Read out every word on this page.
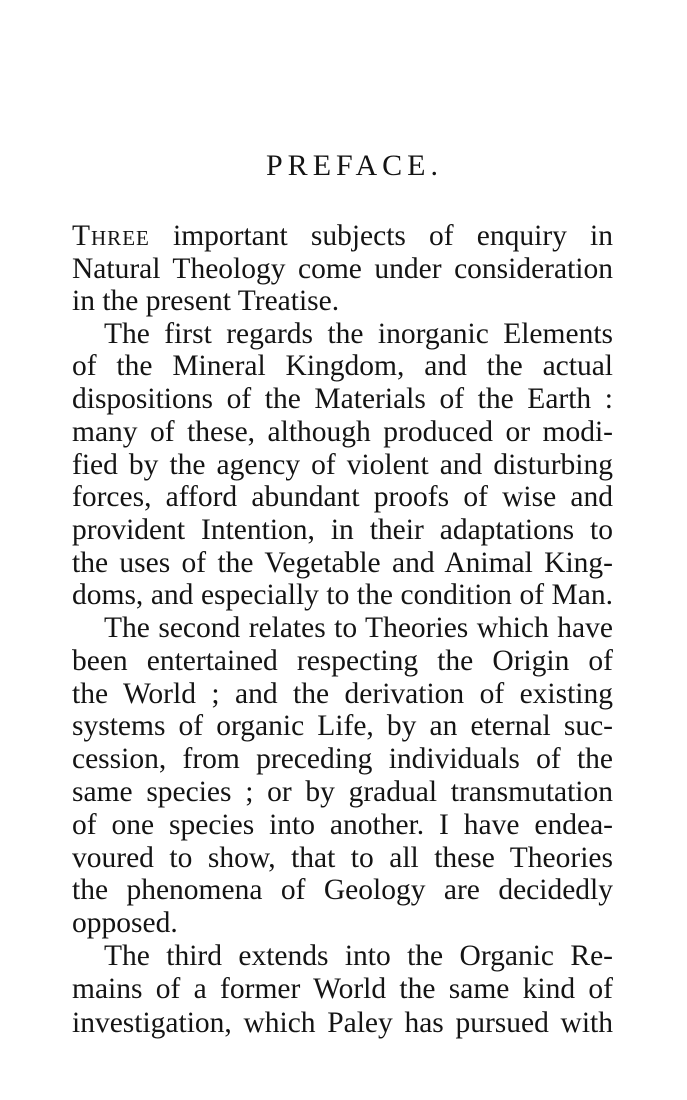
PREFACE.
Three important subjects of enquiry in
Natural Theology come under consideration
in the present Treatise.
The first regards the inorganic Elements
of the Mineral Kingdom, and the actual
dispositions of the Materials of the Earth :
many of these, although produced or modi-
fied by the agency of violent and disturbing
forces, afford abundant proofs of wise and
provident Intention, in their adaptations to
the uses of the Vegetable and Animal King-
doms, and especially to the condition of Man.
The second relates to Theories which have
been entertained respecting the Origin of
the World ; and the derivation of existing
systems of organic Life, by an eternal suc-
cession, from preceding individuals of the
same species ; or by gradual transmutation
of one species into another. I have endea-
voured to show, that to all these Theories
the phenomena of Geology are decidedly
opposed.
The third extends into the Organic Re-
mains of a former World the same kind of
investigation, which Paley has pursued with
